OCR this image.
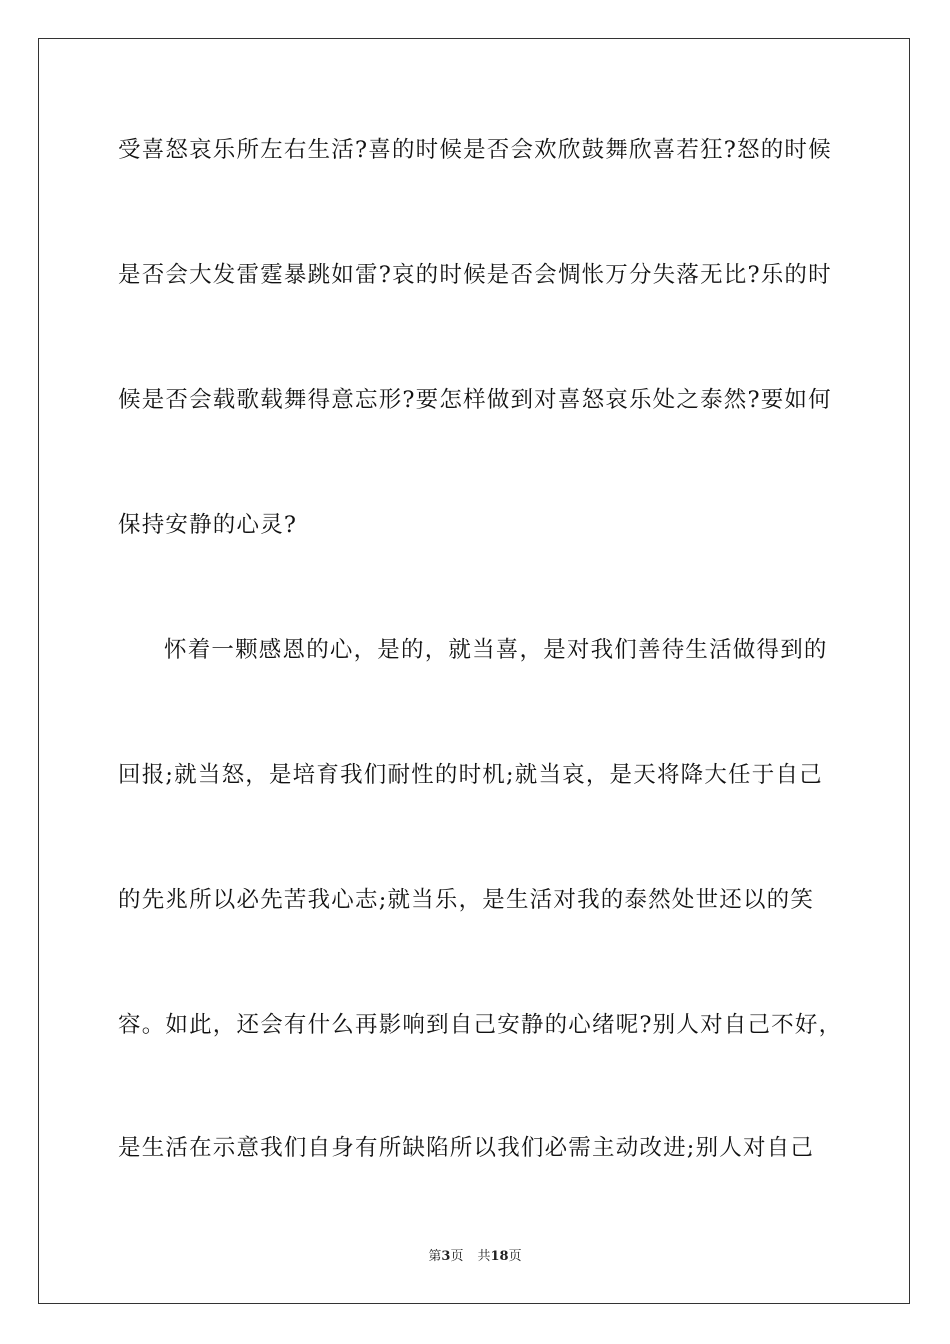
受喜怒哀乐所左右生活?喜的时候是否会欢欣鼓舞欣喜若狂?怒的时候
是否会大发雷霆暴跳如雷?哀的时候是否会惆怅万分失落无比?乐的时
候是否会载歌载舞得意忘形?要怎样做到对喜怒哀乐处之泰然?要如何
保持安静的心灵?
怀着一颗感恩的心，是的，就当喜，是对我们善待生活做得到的
回报;就当怒，是培育我们耐性的时机;就当哀，是天将降大任于自己
的先兆所以必先苦我心志;就当乐，是生活对我的泰然处世还以的笑
容。如此，还会有什么再影响到自己安静的心绪呢?别人对自己不好，
是生活在示意我们自身有所缺陷所以我们必需主动改进;别人对自己
第3页 共18页
